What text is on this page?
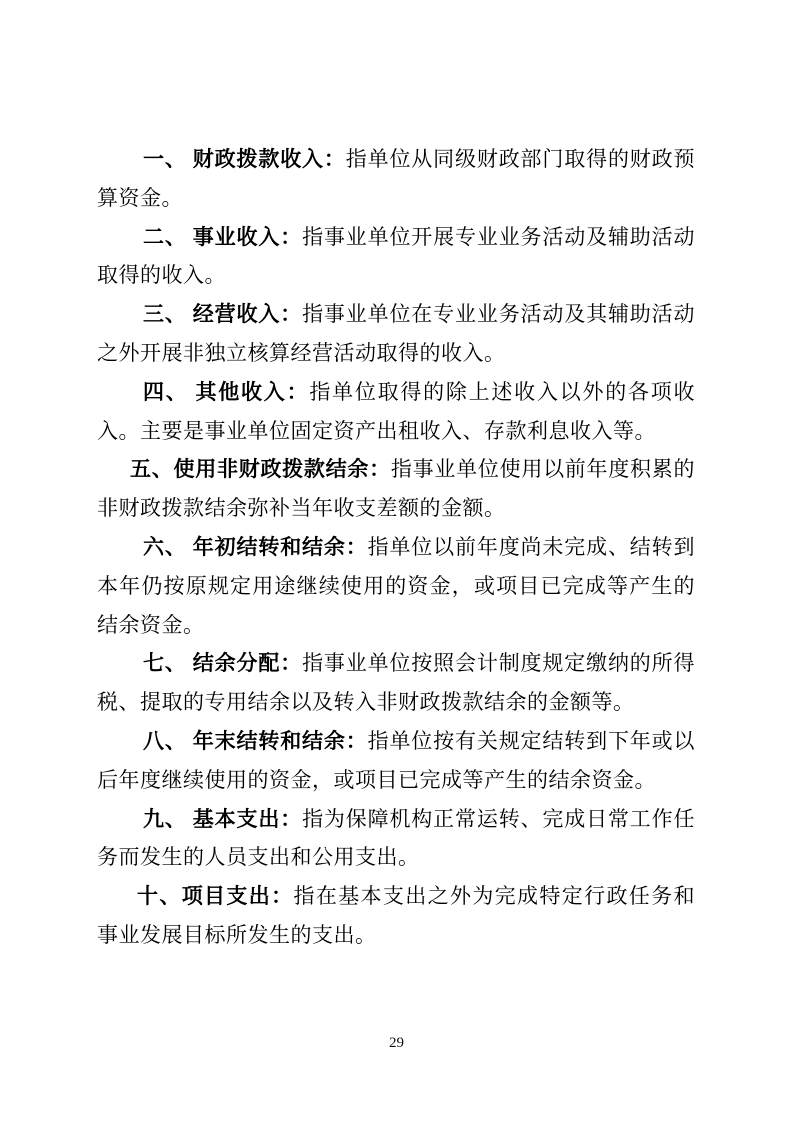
一、 财政拨款收入：指单位从同级财政部门取得的财政预算资金。

二、 事业收入：指事业单位开展专业业务活动及辅助活动取得的收入。

三、 经营收入：指事业单位在专业业务活动及其辅助活动之外开展非独立核算经营活动取得的收入。

四、 其他收入：指单位取得的除上述收入以外的各项收入。主要是事业单位固定资产出租收入、存款利息收入等。

五、使用非财政拨款结余：指事业单位使用以前年度积累的非财政拨款结余弥补当年收支差额的金额。

六、 年初结转和结余：指单位以前年度尚未完成、结转到本年仍按原规定用途继续使用的资金，或项目已完成等产生的结余资金。

七、 结余分配：指事业单位按照会计制度规定缴纳的所得税、提取的专用结余以及转入非财政拨款结余的金额等。

八、 年末结转和结余：指单位按有关规定结转到下年或以后年度继续使用的资金，或项目已完成等产生的结余资金。

九、 基本支出：指为保障机构正常运转、完成日常工作任务而发生的人员支出和公用支出。

十、项目支出：指在基本支出之外为完成特定行政任务和事业发展目标所发生的支出。

29
